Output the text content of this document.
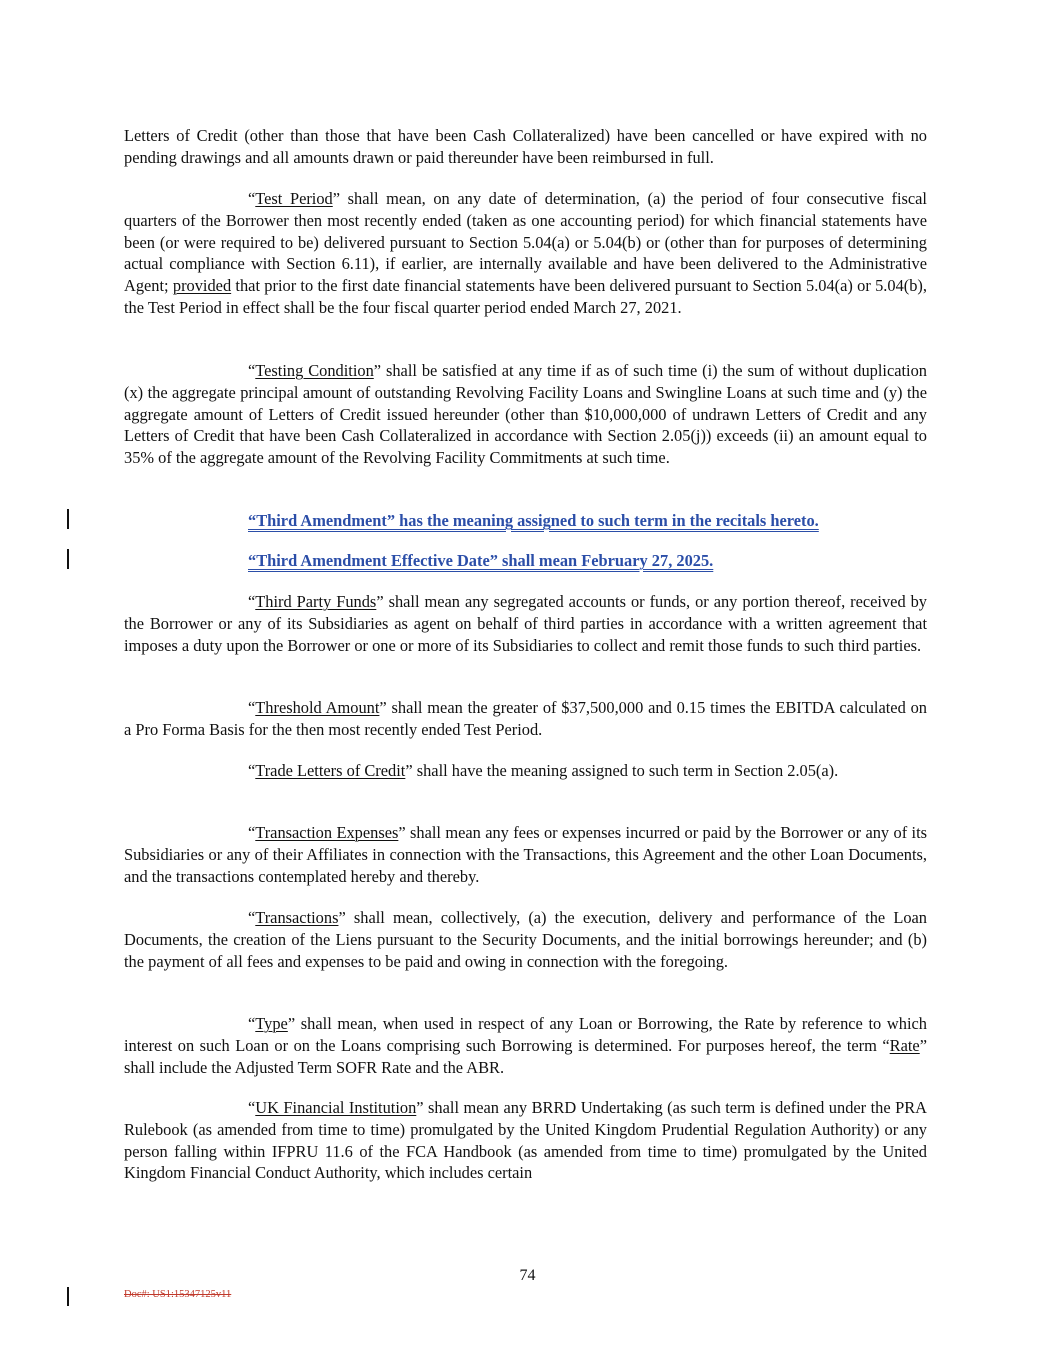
Letters of Credit (other than those that have been Cash Collateralized) have been cancelled or have expired with no pending drawings and all amounts drawn or paid thereunder have been reimbursed in full.

“Test Period” shall mean, on any date of determination, (a) the period of four consecutive fiscal quarters of the Borrower then most recently ended (taken as one accounting period) for which financial statements have been (or were required to be) delivered pursuant to Section 5.04(a) or 5.04(b) or (other than for purposes of determining actual compliance with Section 6.11), if earlier, are internally available and have been delivered to the Administrative Agent; provided that prior to the first date financial statements have been delivered pursuant to Section 5.04(a) or 5.04(b), the Test Period in effect shall be the four fiscal quarter period ended March 27, 2021.

“Testing Condition” shall be satisfied at any time if as of such time (i) the sum of without duplication (x) the aggregate principal amount of outstanding Revolving Facility Loans and Swingline Loans at such time and (y) the aggregate amount of Letters of Credit issued hereunder (other than $10,000,000 of undrawn Letters of Credit and any Letters of Credit that have been Cash Collateralized in accordance with Section 2.05(j)) exceeds (ii) an amount equal to 35% of the aggregate amount of the Revolving Facility Commitments at such time.

“Third Amendment” has the meaning assigned to such term in the recitals hereto.

“Third Amendment Effective Date” shall mean February 27, 2025.

“Third Party Funds” shall mean any segregated accounts or funds, or any portion thereof, received by the Borrower or any of its Subsidiaries as agent on behalf of third parties in accordance with a written agreement that imposes a duty upon the Borrower or one or more of its Subsidiaries to collect and remit those funds to such third parties.

“Threshold Amount” shall mean the greater of $37,500,000 and 0.15 times the EBITDA calculated on a Pro Forma Basis for the then most recently ended Test Period.

“Trade Letters of Credit” shall have the meaning assigned to such term in Section 2.05(a).

“Transaction Expenses” shall mean any fees or expenses incurred or paid by the Borrower or any of its Subsidiaries or any of their Affiliates in connection with the Transactions, this Agreement and the other Loan Documents, and the transactions contemplated hereby and thereby.

“Transactions” shall mean, collectively, (a) the execution, delivery and performance of the Loan Documents, the creation of the Liens pursuant to the Security Documents, and the initial borrowings hereunder; and (b) the payment of all fees and expenses to be paid and owing in connection with the foregoing.

“Type” shall mean, when used in respect of any Loan or Borrowing, the Rate by reference to which interest on such Loan or on the Loans comprising such Borrowing is determined. For purposes hereof, the term “Rate” shall include the Adjusted Term SOFR Rate and the ABR.

“UK Financial Institution” shall mean any BRRD Undertaking (as such term is defined under the PRA Rulebook (as amended from time to time) promulgated by the United Kingdom Prudential Regulation Authority) or any person falling within IFPRU 11.6 of the FCA Handbook (as amended from time to time) promulgated by the United Kingdom Financial Conduct Authority, which includes certain

74
Doc#: US1:15347125v11
